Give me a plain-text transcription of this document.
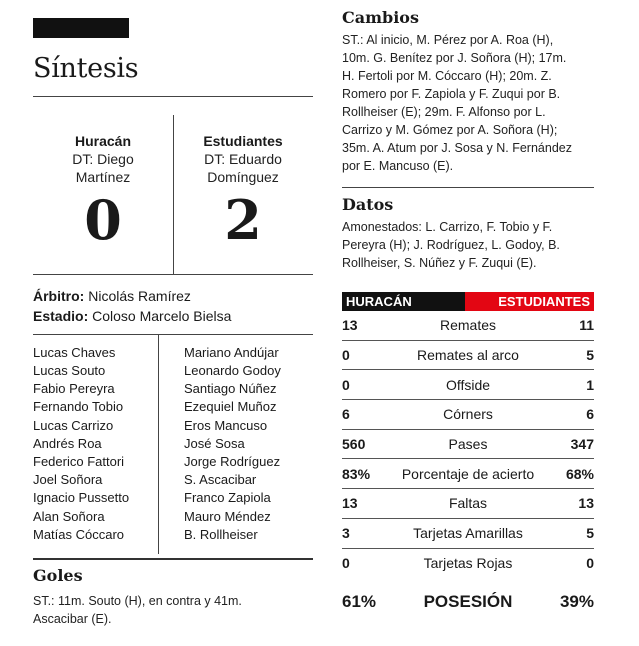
Síntesis
Huracán
DT: Diego
Martínez
0
Estudiantes
DT: Eduardo
Domínguez
2
Árbitro: Nicolás Ramírez
Estadio: Coloso Marcelo Bielsa
Lucas Chaves
Lucas Souto
Fabio Pereyra
Fernando Tobio
Lucas Carrizo
Andrés Roa
Federico Fattori
Joel Soñora
Ignacio Pussetto
Alan Soñora
Matías Cóccaro
Mariano Andújar
Leonardo Godoy
Santiago Núñez
Ezequiel Muñoz
Eros Mancuso
José Sosa
Jorge Rodríguez
S. Ascacibar
Franco Zapiola
Mauro Méndez
B. Rollheiser
Goles
ST.: 11m. Souto (H), en contra y 41m.
Ascacibar (E).
Cambios
ST.: Al inicio, M. Pérez por A. Roa (H),
10m. G. Benítez por J. Soñora (H); 17m.
H. Fertoli por M. Cóccaro (H); 20m. Z.
Romero por F. Zapiola y F. Zuqui por B.
Rollheiser (E); 29m. F. Alfonso por L.
Carrizo y M. Gómez por A. Soñora (H);
35m. A. Atum por J. Sosa y N. Fernández
por E. Mancuso (E).
Datos
Amonestados: L. Carrizo, F. Tobio y F.
Pereyra (H); J. Rodríguez, L. Godoy, B.
Rollheiser, S. Núñez y F. Zuqui (E).
HURACÁN	ESTUDIANTES
13	Remates	11
0	Remates al arco	5
0	Offside	1
6	Córners	6
560	Pases	347
83%	Porcentaje de acierto	68%
13	Faltas	13
3	Tarjetas Amarillas	5
0	Tarjetas Rojas	0
61%	POSESIÓN	39%
